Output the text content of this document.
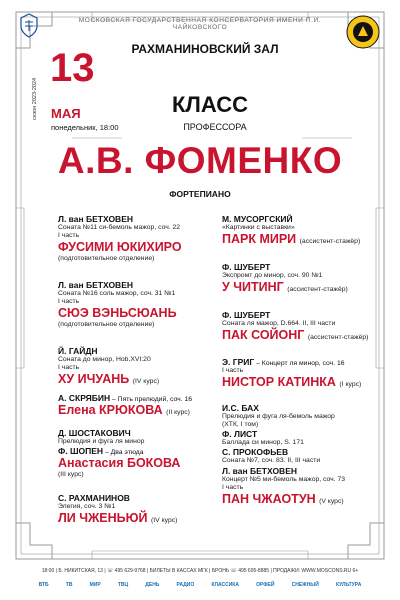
МОСКОВСКАЯ ГОСУДАРСТВЕННАЯ КОНСЕРВАТОРИЯ ИМЕНИ П.И. ЧАЙКОВСКОГО
РАХМАНИНОВСКИЙ ЗАЛ
13
МАЯ
понедельник, 18:00
сезон 2023-2024	КЛАСС
ПРОФЕССОРА
А.В. ФОМЕНКО
ФОРТЕПИАНО
Л. ван БЕТХОВЕН
Соната №11 си-бемоль мажор, соч. 22
I часть
ФУСИМИ ЮКИХИРО
(подготовительное отделение)
Л. ван БЕТХОВЕН
Соната №16 соль мажор, соч. 31 №1
I часть
СЮЭ ВЭНЬСЮАНЬ
(подготовительное отделение)
Й. ГАЙДН
Соната до минор, Hob.XVI:20
I часть
ХУ ИЧУАНЬ (IV курс)
А. СКРЯБИН – Пять прелюдий, соч. 16
Елена КРЮКОВА (II курс)
Д. ШОСТАКОВИЧ
Прелюдия и фуга ля минор
Ф. ШОПЕН – Два этюда
Анастасия БОКОВА
(III курс)
С. РАХМАНИНОВ
Элегия, соч. 3 №1
ЛИ ЧЖЕНЬЮЙ (IV курс)
М. МУСОРГСКИЙ
«Картинки с выставки»
ПАРК МИРИ (ассистент-стажёр)
Ф. ШУБЕРТ
Экспромт до минор, соч. 90 №1
У ЧИТИНГ (ассистент-стажёр)
Ф. ШУБЕРТ
Соната ля мажор, D.664. II, III части
ПАК СОЙОНГ (ассистент-стажёр)
Э. ГРИГ – Концерт ля минор, соч. 16
I часть
НИСТОР КАТИНКА (I курс)
И.С. БАХ
Прелюдия и фуга ля-бемоль мажор
(ХТК, I том)
Ф. ЛИСТ
Баллада си минор, S. 171
С. ПРОКОФЬЕВ
Соната №7, соч. 83. II, III части
Л. ван БЕТХОВЕН
Концерт №5 ми-бемоль мажор, соч. 73
I часть
ПАН ЧЖАОТУН (V курс)
18:00 | Б. НИКИТСКАЯ, 13 | ☏ 495 629-9768 | БИЛЕТЫ В КАССАХ МГК | БРОНЬ ☏ 495 695-8885 | ПРОДАЖИ: WWW.MOSCONS.RU 6+
ВТБ	ТВ	МИР	ТВЦ	ДЕНЬ	РАДИО	КЛАССИКА	ОРФЕЙ	СНЕЖНЫЙ	КУЛЬТУРА
